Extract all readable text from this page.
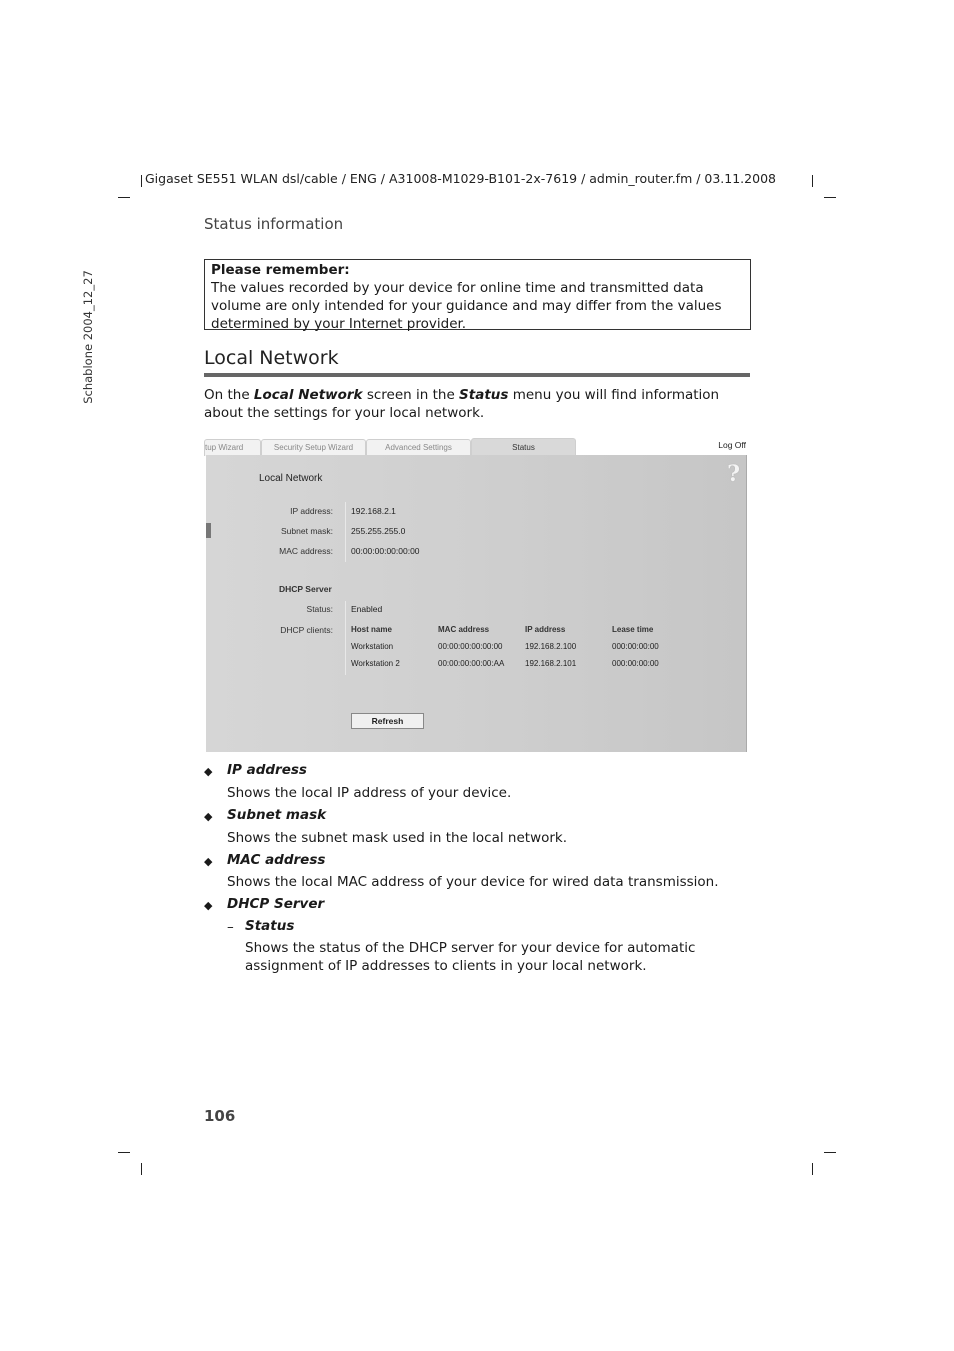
Gigaset SE551 WLAN dsl/cable / ENG / A31008-M1029-B101-2x-7619 / admin_router.fm / 03.11.2008
Schablone 2004_12_27
Status information
Please remember:
The values recorded by your device for online time and transmitted data volume are only intended for your guidance and may differ from the values determined by your Internet provider.
Local Network
On the Local Network screen in the Status menu you will find information about the settings for your local network.
tup Wizard	Security Setup Wizard	Advanced Settings	Status	Log Off
?
Local Network
IP address: 192.168.2.1
Subnet mask: 255.255.255.0
MAC address: 00:00:00:00:00:00
DHCP Server
Status: Enabled
DHCP clients: Host name	MAC address	IP address	Lease time
Workstation	00:00:00:00:00:00	192.168.2.100	000:00:00:00
Workstation 2	00:00:00:00:00:AA	192.168.2.101	000:00:00:00
Refresh
◆ IP address
Shows the local IP address of your device.
◆ Subnet mask
Shows the subnet mask used in the local network.
◆ MAC address
Shows the local MAC address of your device for wired data transmission.
◆ DHCP Server
– Status
Shows the status of the DHCP server for your device for automatic assignment of IP addresses to clients in your local network.
106
